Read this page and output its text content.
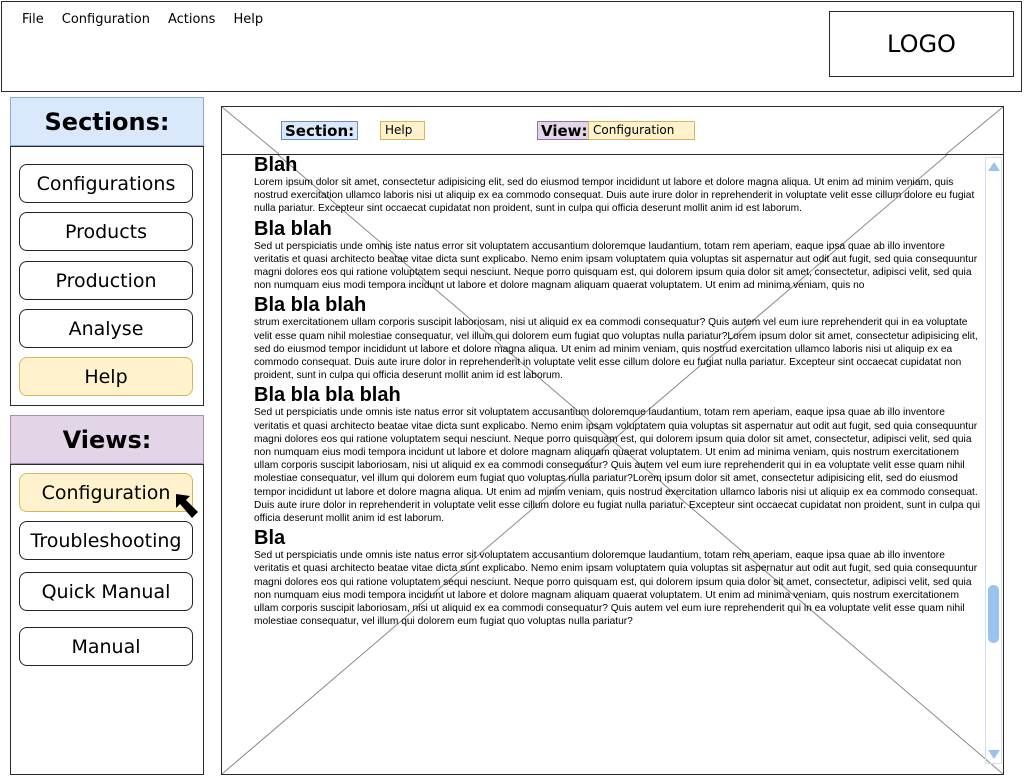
File Configuration Actions Help
LOGO
Sections:
Configurations
Products
Production
Analyse
Help
Views:
Configuration
Troubleshooting
Quick Manual
Manual
Section:	Help	View: Configuration
Blah

Lorem ipsum dolor sit amet, consectetur adipisicing elit, sed do eiusmod tempor incididunt ut labore et dolore magna aliqua. Ut enim ad minim veniam, quis nostrud exercitation ullamco laboris nisi ut aliquip ex ea commodo consequat. Duis aute irure dolor in reprehenderit in voluptate velit esse cillum dolore eu fugiat nulla pariatur. Excepteur sint occaecat cupidatat non proident, sunt in culpa qui officia deserunt mollit anim id est laborum.

Bla blah

Sed ut perspiciatis unde omnis iste natus error sit voluptatem accusantium doloremque laudantium, totam rem aperiam, eaque ipsa quae ab illo inventore veritatis et quasi architecto beatae vitae dicta sunt explicabo. Nemo enim ipsam voluptatem quia voluptas sit aspernatur aut odit aut fugit, sed quia consequuntur magni dolores eos qui ratione voluptatem sequi nesciunt. Neque porro quisquam est, qui dolorem ipsum quia dolor sit amet, consectetur, adipisci velit, sed quia non numquam eius modi tempora incidunt ut labore et dolore magnam aliquam quaerat voluptatem. Ut enim ad minima veniam, quis no

Bla bla blah

strum exercitationem ullam corporis suscipit laboriosam, nisi ut aliquid ex ea commodi consequatur? Quis autem vel eum iure reprehenderit qui in ea voluptate velit esse quam nihil molestiae consequatur, vel illum qui dolorem eum fugiat quo voluptas nulla pariatur?Lorem ipsum dolor sit amet, consectetur adipisicing elit, sed do eiusmod tempor incididunt ut labore et dolore magna aliqua. Ut enim ad minim veniam, quis nostrud exercitation ullamco laboris nisi ut aliquip ex ea commodo consequat. Duis aute irure dolor in reprehenderit in voluptate velit esse cillum dolore eu fugiat nulla pariatur. Excepteur sint occaecat cupidatat non proident, sunt in culpa qui officia deserunt mollit anim id est laborum.

Bla bla bla blah

Sed ut perspiciatis unde omnis iste natus error sit voluptatem accusantium doloremque laudantium, totam rem aperiam, eaque ipsa quae ab illo inventore veritatis et quasi architecto beatae vitae dicta sunt explicabo. Nemo enim ipsam voluptatem quia voluptas sit aspernatur aut odit aut fugit, sed quia consequuntur magni dolores eos qui ratione voluptatem sequi nesciunt. Neque porro quisquam est, qui dolorem ipsum quia dolor sit amet, consectetur, adipisci velit, sed quia non numquam eius modi tempora incidunt ut labore et dolore magnam aliquam quaerat voluptatem. Ut enim ad minima veniam, quis nostrum exercitationem ullam corporis suscipit laboriosam, nisi ut aliquid ex ea commodi consequatur? Quis autem vel eum iure reprehenderit qui in ea voluptate velit esse quam nihil molestiae consequatur, vel illum qui dolorem eum fugiat quo voluptas nulla pariatur?Lorem ipsum dolor sit amet, consectetur adipisicing elit, sed do eiusmod tempor incididunt ut labore et dolore magna aliqua. Ut enim ad minim veniam, quis nostrud exercitation ullamco laboris nisi ut aliquip ex ea commodo consequat. Duis aute irure dolor in reprehenderit in voluptate velit esse cillum dolore eu fugiat nulla pariatur. Excepteur sint occaecat cupidatat non proident, sunt in culpa qui officia deserunt mollit anim id est laborum.

Bla

Sed ut perspiciatis unde omnis iste natus error sit voluptatem accusantium doloremque laudantium, totam rem aperiam, eaque ipsa quae ab illo inventore veritatis et quasi architecto beatae vitae dicta sunt explicabo. Nemo enim ipsam voluptatem quia voluptas sit aspernatur aut odit aut fugit, sed quia consequuntur magni dolores eos qui ratione voluptatem sequi nesciunt. Neque porro quisquam est, qui dolorem ipsum quia dolor sit amet, consectetur, adipisci velit, sed quia non numquam eius modi tempora incidunt ut labore et dolore magnam aliquam quaerat voluptatem. Ut enim ad minima veniam, quis nostrum exercitationem ullam corporis suscipit laboriosam, nisi ut aliquid ex ea commodi consequatur? Quis autem vel eum iure reprehenderit qui in ea voluptate velit esse quam nihil molestiae consequatur, vel illum qui dolorem eum fugiat quo voluptas nulla pariatur?
